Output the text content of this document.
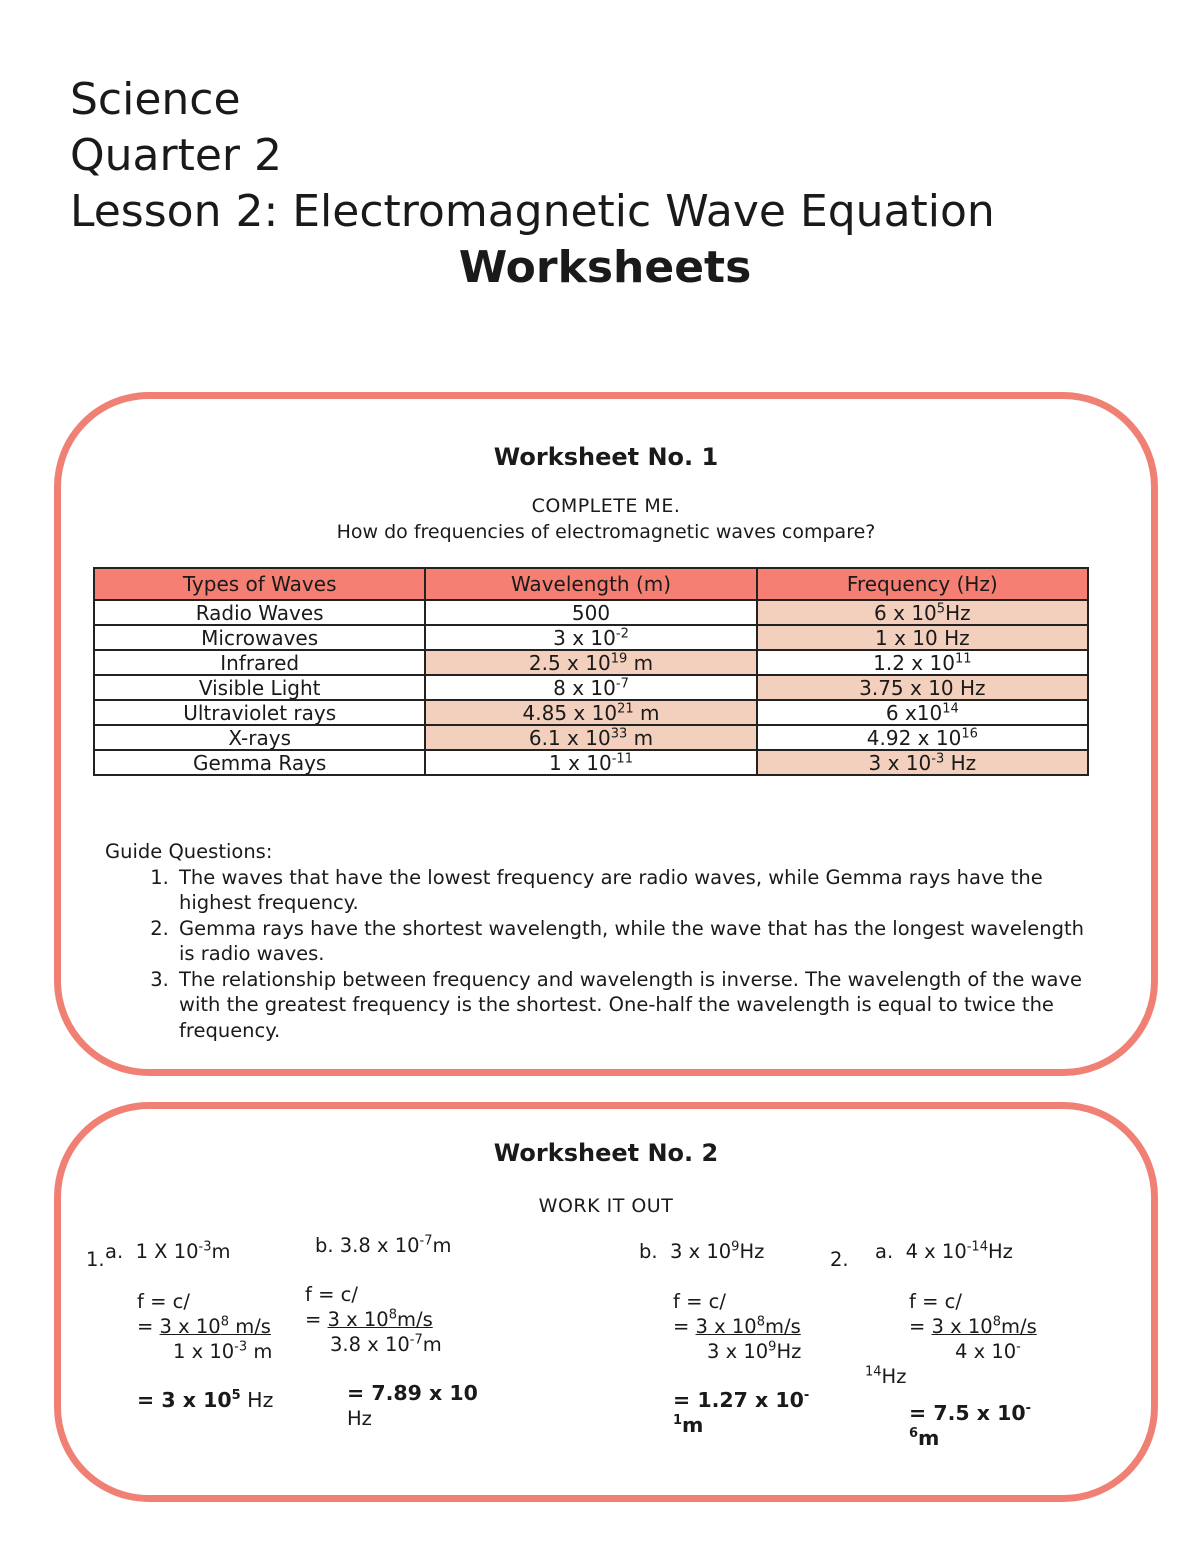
Science
Quarter 2
Lesson 2: Electromagnetic Wave Equation
Worksheets
Worksheet No. 1
COMPLETE ME.
How do frequencies of electromagnetic waves compare?
Types of Waves	Wavelength (m)	Frequency (Hz)
Radio Waves	500	6 x $10^5Hz$
Microwaves	3 x $10^{-2}$	1 x 10 Hz
Infrared	2.5 x $10^{19}$ m	1.2 x $10^{11}$
Visible Light	8 x $10^{-7}$	3.75 x 10 Hz
Ultraviolet rays	4.85 x $10^{21}$ m	6 $x10^{14}$
X-rays	6.1 x $10^{33}$ m	4.92 x $10^{16}$
Gemma Rays	1 x $10^{-11}$	3 x $10^{-3}$ Hz
Guide Questions:
1. The waves that have the lowest frequency are radio waves, while Gemma rays have the highest frequency.
2. Gemma rays have the shortest wavelength, while the wave that has the longest wavelength is radio waves.
3. The relationship between frequency and wavelength is inverse. The wavelength of the wave with the greatest frequency is the shortest. One-half the wavelength is equal to twice the frequency.
Worksheet No. 2
WORK IT OUT
1.	2.
a. 1 X $10^{-3}m$
f = c/
= 3 x $10^8$ m/s
1 x $10^{-3}$ m
= 3 x $10^5$ Hz
b. 3.8 x $10^{-7}m$
f = c/
= 3 x $10^8m/s$
3.8 x $10^{-7}m$
= 7.89 x 10
Hz
b. 3 x $10^9Hz$
f = c/
= 3 x $10^8m/s$
3 x $10^9Hz$
= 1.27 x 10-
$^1$m
a. 4 x $10^{-14}Hz$
f = c/
= 3 x $10^8m/s$
4 x 10-
$^{14}$Hz
= 7.5 x 10-
$^6$m
